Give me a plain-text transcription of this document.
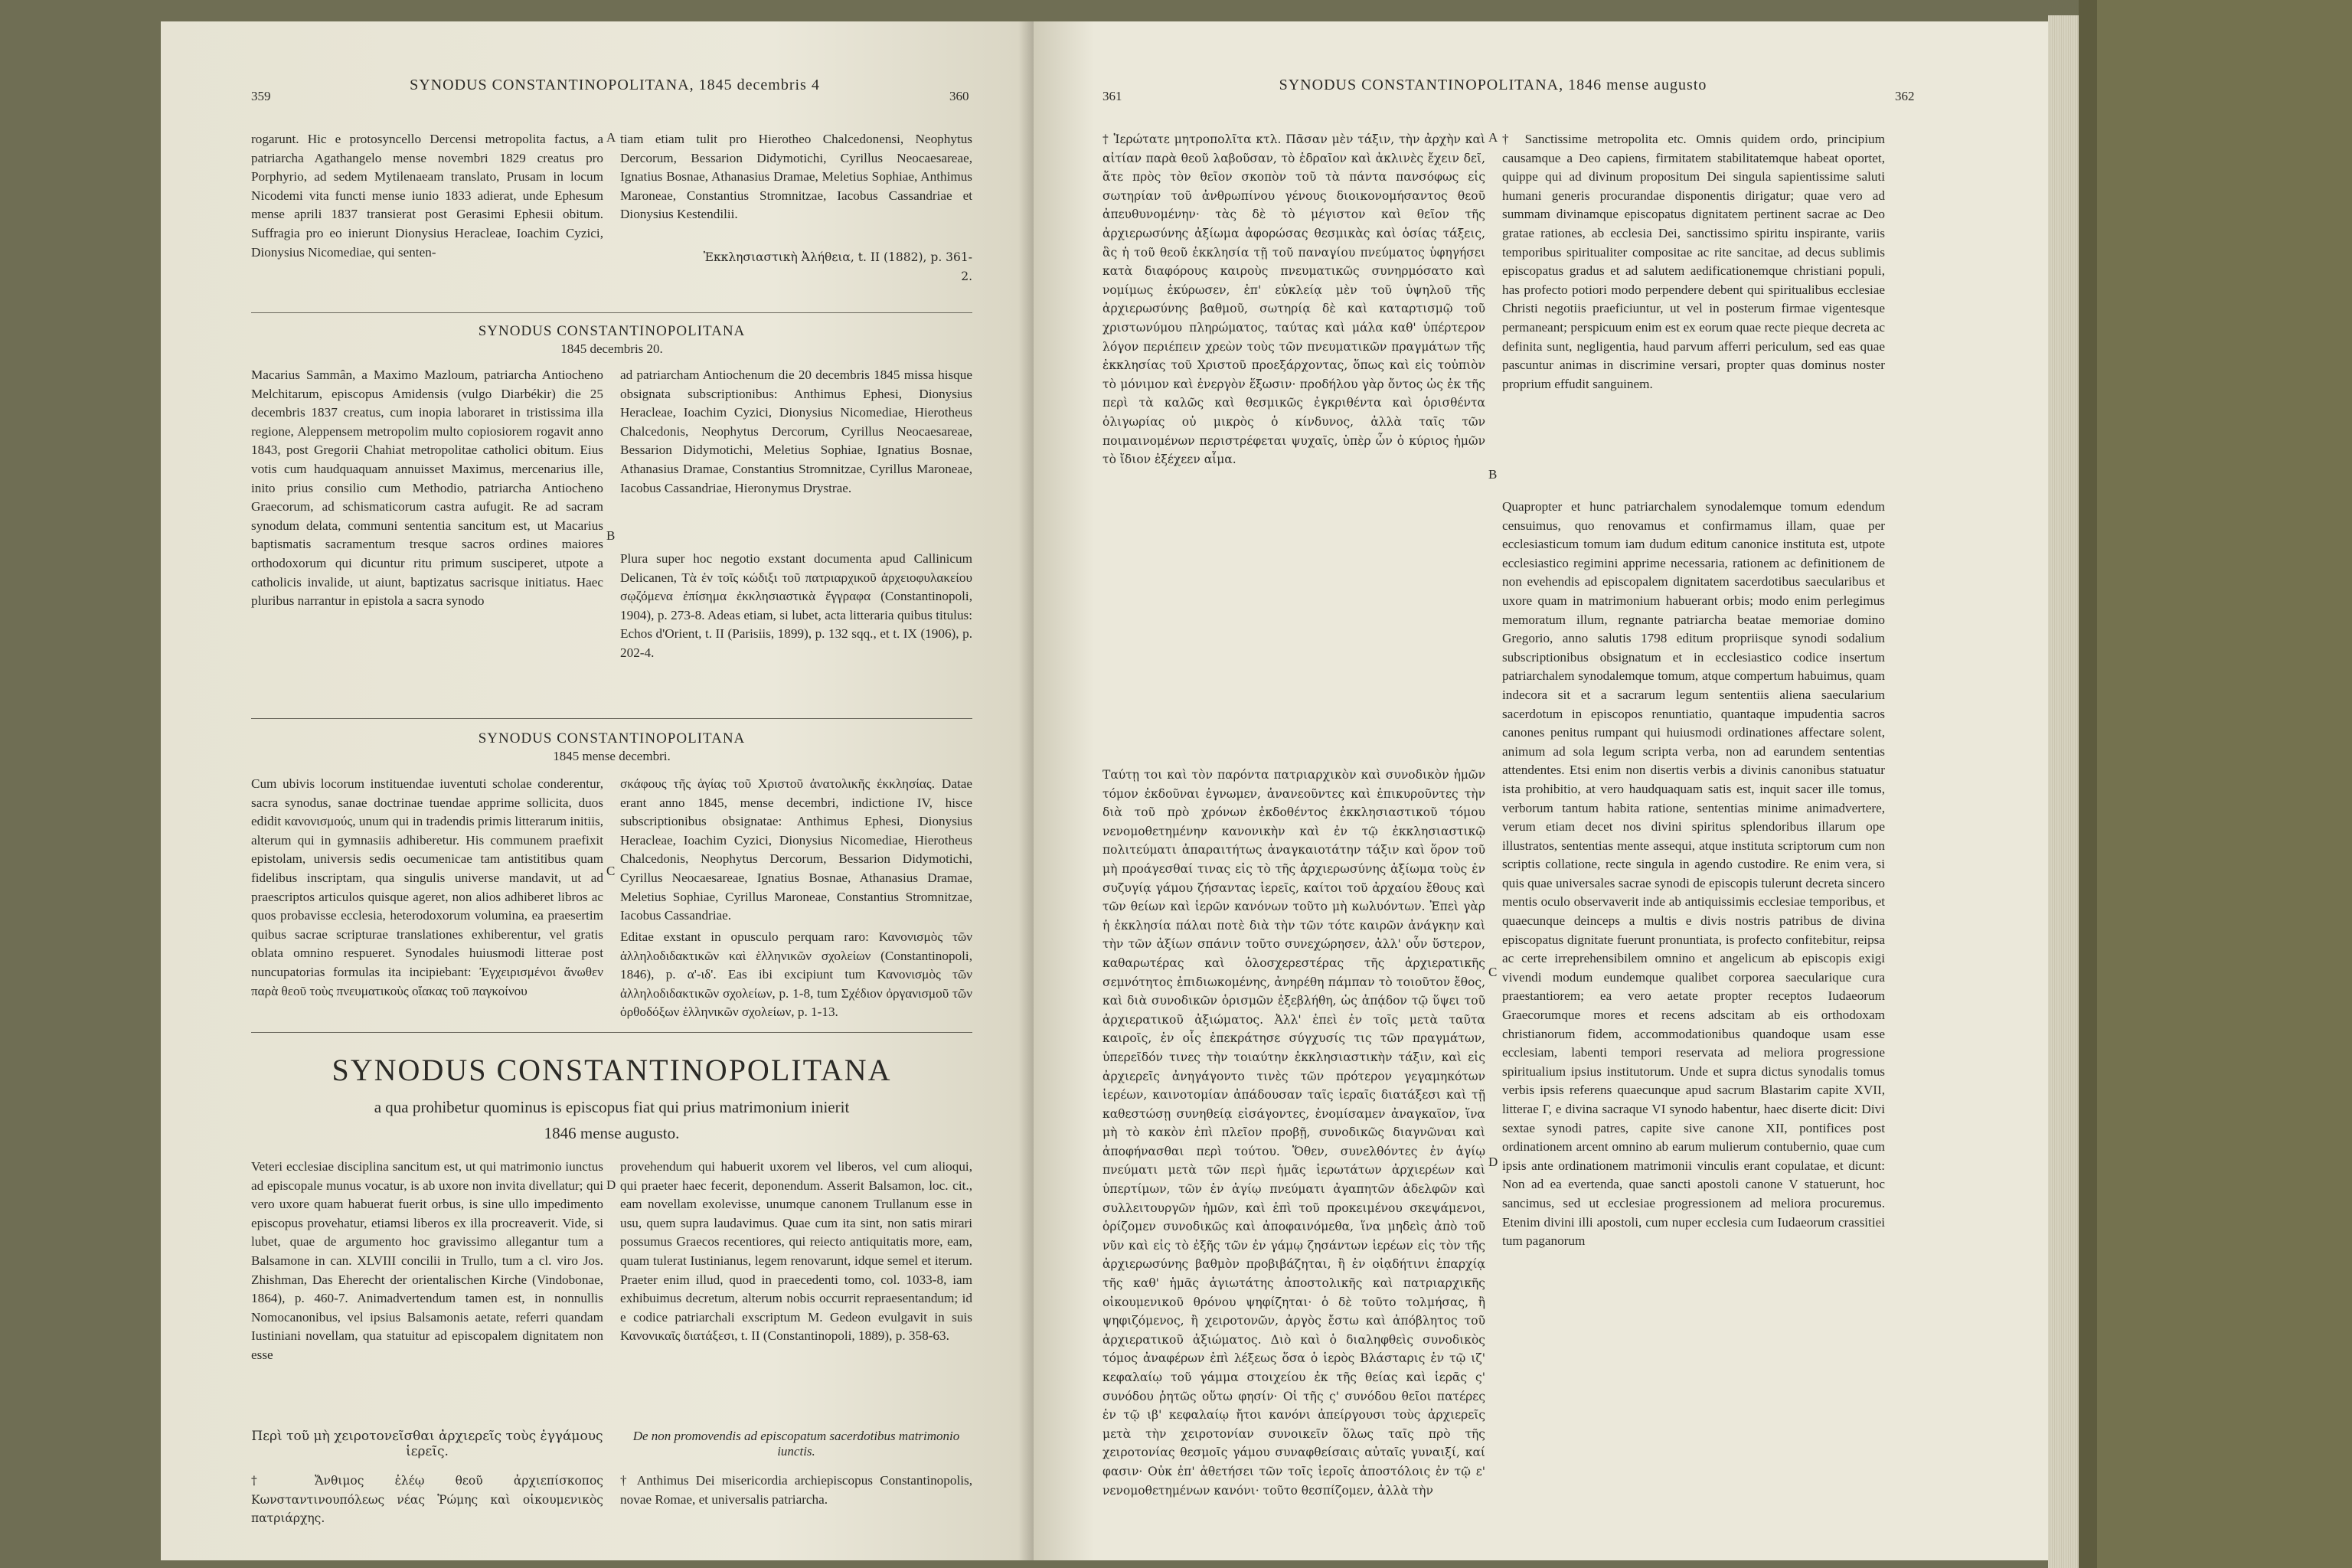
359
SYNODUS CONSTANTINOPOLITANA, 1845 decembris 4
360
rogarunt. Hic e protosyncello Dercensi metropolita factus, a patriarcha Agathangelo mense novembri 1829 creatus pro Porphyrio, ad sedem Mytilenaeam translato, Prusam in locum Nicodemi vita functi mense iunio 1833 adierat, unde Ephesum mense aprili 1837 transierat post Gerasimi Ephesii obitum. Suffragia pro eo inierunt Dionysius Heracleae, Ioachim Cyzici, Dionysius Nicomediae, qui senten-
A tiam etiam tulit pro Hierotheo Chalcedonensi, Neophytus Dercorum, Bessarion Didymotichi, Cyrillus Neocaesareae, Ignatius Bosnae, Athanasius Dramae, Meletius Sophiae, Anthimus Maroneae, Constantius Stromnitzae, Iacobus Cassandriae et Dionysius Kestendilii.
Ἐκκλησιαστικὴ Ἀλήθεια, t. II (1882), p. 361-2.
SYNODUS CONSTANTINOPOLITANA
1845 decembris 20.
Macarius Sammân, a Maximo Mazloum, patriarcha Antiocheno Melchitarum, episcopus Amidensis (vulgo Diarbékir) die 25 decembris 1837 creatus, cum inopia laboraret in tristissima illa regione, Aleppensem metropolim multo copiosiorem rogavit anno 1843, post Gregorii Chahiat metropolitae catholici obitum. Eius votis cum haudquaquam annuisset Maximus, mercenarius ille, inito prius consilio cum Methodio, patriarcha Antiocheno Graecorum, ad schismaticorum castra aufugit. Re ad sacram synodum delata, communi sententia sancitum est, ut Macarius baptismatis sacramentum tresque sacros ordines maiores orthodoxorum qui dicuntur ritu primum susciperet, utpote a catholicis invalide, ut aiunt, baptizatus sacrisque initiatus. Haec pluribus narrantur in epistola a sacra synodo
B
ad patriarcham Antiochenum die 20 decembris 1845 missa hisque obsignata subscriptionibus: Anthimus Ephesi, Dionysius Heracleae, Ioachim Cyzici, Dionysius Nicomediae, Hierotheus Chalcedonis, Neophytus Dercorum, Cyrillus Neocaesareae, Bessarion Didymotichi, Meletius Sophiae, Ignatius Bosnae, Athanasius Dramae, Constantius Stromnitzae, Cyrillus Maroneae, Iacobus Cassandriae, Hieronymus Drystrae.
Plura super hoc negotio exstant documenta apud Callinicum Delicanen, Τὰ ἐν τοῖς κώδιξι τοῦ πατριαρχικοῦ ἀρχειοφυλακείου σῳζόμενα ἐπίσημα ἐκκλησιαστικὰ ἔγγραφα (Constantinopoli, 1904), p. 273-8. Adeas etiam, si lubet, acta litteraria quibus titulus: Echos d'Orient, t. II (Parisiis, 1899), p. 132 sqq., et t. IX (1906), p. 202-4.
SYNODUS CONSTANTINOPOLITANA
1845 mense decembri.
Cum ubivis locorum instituendae iuventuti scholae conderentur, sacra synodus, sanae doctrinae tuendae apprime sollicita, duos edidit κανονισμούς, unum qui in tradendis primis litterarum initiis, alterum qui in gymnasiis adhiberetur. His communem praefixit epistolam, universis sedis oecumenicae tam antistitibus quam fidelibus inscriptam, qua singulis universe mandavit, ut ad praescriptos articulos quisque ageret, non alios adhiberet libros ac quos probavisse ecclesia, heterodoxorum volumina, ea praesertim quibus sacrae scripturae translationes exhiberentur, vel gratis oblata omnino respueret. Synodales huiusmodi litterae post nuncupatorias formulas ita incipiebant: Ἐγχειρισμένοι ἄνωθεν παρὰ θεοῦ τοὺς πνευματικοὺς οἴακας τοῦ παγκοίνου
C
σκάφους τῆς ἁγίας τοῦ Χριστοῦ ἀνατολικῆς ἐκκλησίας. Datae erant anno 1845, mense decembri, indictione IV, hisce subscriptionibus obsignatae: Anthimus Ephesi, Dionysius Heracleae, Ioachim Cyzici, Dionysius Nicomediae, Hierotheus Chalcedonis, Neophytus Dercorum, Bessarion Didymotichi, Cyrillus Neocaesareae, Ignatius Bosnae, Athanasius Dramae, Meletius Sophiae, Cyrillus Maroneae, Constantius Stromnitzae, Iacobus Cassandriae.
Editae exstant in opusculo perquam raro: Κανονισμὸς τῶν ἀλληλοδιδακτικῶν καὶ ἑλληνικῶν σχολείων (Constantinopoli, 1846), p. α'-ιδ'. Eas ibi excipiunt tum Κανονισμὸς τῶν ἀλληλοδιδακτικῶν σχολείων, p. 1-8, tum Σχέδιον ὀργανισμοῦ τῶν ὀρθοδόξων ἑλληνικῶν σχολείων, p. 1-13.
SYNODUS CONSTANTINOPOLITANA
a qua prohibetur quominus is episcopus fiat qui prius matrimonium inierit
1846 mense augusto.
Veteri ecclesiae disciplina sancitum est, ut qui matrimonio iunctus ad episcopale munus vocatur, is ab uxore non invita divellatur; qui vero uxore quam habuerat fuerit orbus, is sine ullo impedimento episcopus provehatur, etiamsi liberos ex illa procreaverit. Vide, si lubet, quae de argumento hoc gravissimo allegantur tum a Balsamone in can. XLVIII concilii in Trullo, tum a cl. viro Jos. Zhishman, Das Eherecht der orientalischen Kirche (Vindobonae, 1864), p. 460-7. Animadvertendum tamen est, in nonnullis Nomocanonibus, vel ipsius Balsamonis aetate, referri quandam Iustiniani novellam, qua statuitur ad episcopalem dignitatem non esse
D
provehendum qui habuerit uxorem vel liberos, vel cum alioqui, qui praeter haec fecerit, deponendum. Asserit Balsamon, loc. cit., eam novellam exolevisse, unumque canonem Trullanum esse in usu, quem supra laudavimus. Quae cum ita sint, non satis mirari possumus Graecos recentiores, qui reiecto antiquitatis more, eam, quam tulerat Iustinianus, legem renovarunt, idque semel et iterum. Praeter enim illud, quod in praecedenti tomo, col. 1033-8, iam exhibuimus decretum, alterum nobis occurrit repraesentandum; id e codice patriarchali exscriptum M. Gedeon evulgavit in suis Κανονικαῖς διατάξεσι, t. II (Constantinopoli, 1889), p. 358-63.
Περὶ τοῦ μὴ χειροτονεῖσθαι ἀρχιερεῖς τοὺς ἐγγάμους ἱερεῖς.
† Ἄνθιμος ἐλέῳ θεοῦ ἀρχιεπίσκοπος Κωνσταντινουπόλεως νέας Ῥώμης καὶ οἰκουμενικὸς πατριάρχης.
De non promovendis ad episcopatum sacerdotibus matrimonio iunctis.
† Anthimus Dei misericordia archiepiscopus Constantinopolis, novae Romae, et universalis patriarcha.
361
SYNODUS CONSTANTINOPOLITANA, 1846 mense augusto
362
† Ἱερώτατε μητροπολῖτα κτλ. Πᾶσαν μὲν τάξιν, τὴν ἀρχὴν καὶ αἰτίαν παρὰ θεοῦ λαβοῦσαν, τὸ ἑδραῖον καὶ ἀκλινὲς ἔχειν δεῖ, ἅτε πρὸς τὸν θεῖον σκοπὸν τοῦ τὰ πάντα πανσόφως εἰς σωτηρίαν τοῦ ἀνθρωπίνου γένους διοικονομήσαντος θεοῦ ἀπευθυνομένην· τὰς δὲ τὸ μέγιστον καὶ θεῖον τῆς ἀρχιερωσύνης ἀξίωμα ἀφορώσας θεσμικὰς καὶ ὁσίας τάξεις, ἃς ἡ τοῦ θεοῦ ἐκκλησία τῇ τοῦ παναγίου πνεύματος ὑφηγήσει κατὰ διαφόρους καιροὺς πνευματικῶς συνηρμόσατο καὶ νομίμως ἐκύρωσεν, ἐπ' εὐκλείᾳ μὲν τοῦ ὑψηλοῦ τῆς ἀρχιερωσύνης βαθμοῦ, σωτηρίᾳ δὲ καὶ καταρτισμῷ τοῦ χριστωνύμου πληρώματος, ταύτας καὶ μάλα καθ' ὑπέρτερον λόγον περιέπειν χρεὼν τοὺς τῶν πνευματικῶν πραγμάτων τῆς ἐκκλησίας τοῦ Χριστοῦ προεξάρχοντας, ὅπως καὶ εἰς τοὐπιὸν τὸ μόνιμον καὶ ἐνεργὸν ἕξωσιν· προδήλου γὰρ ὄντος ὡς ἐκ τῆς περὶ τὰ καλῶς καὶ θεσμικῶς ἐγκριθέντα καὶ ὁρισθέντα ὀλιγωρίας οὐ μικρὸς ὁ κίνδυνος, ἀλλὰ ταῖς τῶν ποιμαινομένων περιστρέφεται ψυχαῖς, ὑπὲρ ὧν ὁ κύριος ἡμῶν τὸ ἴδιον ἐξέχεεν αἷμα.
Ταύτῃ τοι καὶ τὸν παρόντα πατριαρχικὸν καὶ συνοδικὸν ἡμῶν τόμον ἐκδοῦναι ἐγνωμεν, ἀνανεοῦντες καὶ ἐπικυροῦντες τὴν διὰ τοῦ πρὸ χρόνων ἐκδοθέντος ἐκκλησιαστικοῦ τόμου νενομοθετημένην κανονικὴν καὶ ἐν τῷ ἐκκλησιαστικῷ πολιτεύματι ἀπαραιτήτως ἀναγκαιοτάτην τάξιν καὶ ὅρον τοῦ μὴ προάγεσθαί τινας εἰς τὸ τῆς ἀρχιερωσύνης ἀξίωμα τοὺς ἐν συζυγίᾳ γάμου ζήσαντας ἱερεῖς, καίτοι τοῦ ἀρχαίου ἔθους καὶ τῶν θείων καὶ ἱερῶν κανόνων τοῦτο μὴ κωλυόντων. Ἐπεὶ γὰρ ἡ ἐκκλησία πάλαι ποτὲ διὰ τὴν τῶν τότε καιρῶν ἀνάγκην καὶ τὴν τῶν ἀξίων σπάνιν τοῦτο συνεχώρησεν, ἀλλ' οὖν ὕστερον, καθαρωτέρας καὶ ὁλοσχερεστέρας τῆς ἀρχιερατικῆς σεμνότητος ἐπιδιωκομένης, ἀνηρέθη πάμπαν τὸ τοιοῦτον ἔθος, καὶ διὰ συνοδικῶν ὁρισμῶν ἐξεβλήθη, ὡς ἀπᾴδον τῷ ὕψει τοῦ ἀρχιερατικοῦ ἀξιώματος. Ἀλλ' ἐπεὶ ἐν τοῖς μετὰ ταῦτα καιροῖς, ἐν οἷς ἐπεκράτησε σύγχυσίς τις τῶν πραγμάτων, ὑπερεῖδόν τινες τὴν τοιαύτην ἐκκλησιαστικὴν τάξιν, καὶ εἰς ἀρχιερεῖς ἀνηγάγοντο τινὲς τῶν πρότερον γεγαμηκότων ἱερέων, καινοτομίαν ἀπάδουσαν ταῖς ἱεραῖς διατάξεσι καὶ τῇ καθεστώσῃ συνηθείᾳ εἰσάγοντες, ἐνομίσαμεν ἀναγκαῖον, ἵνα μὴ τὸ κακὸν ἐπὶ πλεῖον προβῇ, συνοδικῶς διαγνῶναι καὶ ἀποφήνασθαι περὶ τούτου. Ὅθεν, συνελθόντες ἐν ἁγίῳ πνεύματι μετὰ τῶν περὶ ἡμᾶς ἱερωτάτων ἀρχιερέων καὶ ὑπερτίμων, τῶν ἐν ἁγίῳ πνεύματι ἀγαπητῶν ἀδελφῶν καὶ συλλειτουργῶν ἡμῶν, καὶ ἐπὶ τοῦ προκειμένου σκεψάμενοι, ὁρίζομεν συνοδικῶς καὶ ἀποφαινόμεθα, ἵνα μηδεὶς ἀπὸ τοῦ νῦν καὶ εἰς τὸ ἑξῆς τῶν ἐν γάμῳ ζησάντων ἱερέων εἰς τὸν τῆς ἀρχιερωσύνης βαθμὸν προβιβάζηται, ἢ ἐν οἱᾳδήτινι ἐπαρχίᾳ τῆς καθ' ἡμᾶς ἁγιωτάτης ἀποστολικῆς καὶ πατριαρχικῆς οἰκουμενικοῦ θρόνου ψηφίζηται· ὁ δὲ τοῦτο τολμήσας, ἢ ψηφιζόμενος, ἢ χειροτονῶν, ἀργὸς ἔστω καὶ ἀπόβλητος τοῦ ἀρχιερατικοῦ ἀξιώματος. Διὸ καὶ ὁ διαληφθεὶς συνοδικὸς τόμος ἀναφέρων ἐπὶ λέξεως ὅσα ὁ ἱερὸς Βλάσταρις ἐν τῷ ιζ' κεφαλαίῳ τοῦ γάμμα στοιχείου ἐκ τῆς θείας καὶ ἱερᾶς ς' συνόδου ῥητῶς οὕτω φησίν· Οἱ τῆς ς' συνόδου θεῖοι πατέρες ἐν τῷ ιβ' κεφαλαίῳ ἤτοι κανόνι ἀπείργουσι τοὺς ἀρχιερεῖς μετὰ τὴν χειροτονίαν συνοικεῖν ὅλως ταῖς πρὸ τῆς χειροτονίας θεσμοῖς γάμου συναφθείσαις αὐταῖς γυναιξί, καί φασιν· Οὐκ ἐπ' ἀθετήσει τῶν τοῖς ἱεροῖς ἀποστόλοις ἐν τῷ ε' νενομοθετημένων κανόνι· τοῦτο θεσπίζομεν, ἀλλὰ τὴν
A
B
C
D
† Sanctissime metropolita etc. Omnis quidem ordo, principium causamque a Deo capiens, firmitatem stabilitatemque habeat oportet, quippe qui ad divinum propositum Dei singula sapientissime saluti humani generis procurandae disponentis dirigatur; quae vero ad summam divinamque episcopatus dignitatem pertinent sacrae ac Deo gratae rationes, ab ecclesia Dei, sanctissimo spiritu inspirante, variis temporibus spiritualiter compositae ac rite sancitae, ad decus sublimis episcopatus gradus et ad salutem aedificationemque christiani populi, has profecto potiori modo perpendere debent qui spiritualibus ecclesiae Christi negotiis praeficiuntur, ut vel in posterum firmae vigentesque permaneant; perspicuum enim est ex eorum quae recte pieque decreta ac definita sunt, negligentia, haud parvum afferri periculum, sed eas quae pascuntur animas in discrimine versari, propter quas dominus noster proprium effudit sanguinem.
Quapropter et hunc patriarchalem synodalemque tomum edendum censuimus, quo renovamus et confirmamus illam, quae per ecclesiasticum tomum iam dudum editum canonice instituta est, utpote ecclesiastico regimini apprime necessaria, rationem ac definitionem de non evehendis ad episcopalem dignitatem sacerdotibus saecularibus et uxore quam in matrimonium habuerant orbis; modo enim perlegimus memoratum illum, regnante patriarcha beatae memoriae domino Gregorio, anno salutis 1798 editum propriisque synodi sodalium subscriptionibus obsignatum et in ecclesiastico codice insertum patriarchalem synodalemque tomum, atque compertum habuimus, quam indecora sit et a sacrarum legum sententiis aliena saecularium sacerdotum in episcopos renuntiatio, quantaque impudentia sacros canones penitus rumpant qui huiusmodi ordinationes affectare solent, animum ad sola legum scripta verba, non ad earundem sententias attendentes. Etsi enim non disertis verbis a divinis canonibus statuatur ista prohibitio, at vero haudquaquam satis est, inquit sacer ille tomus, verborum tantum habita ratione, sententias minime animadvertere, verum etiam decet nos divini spiritus splendoribus illarum ope illustratos, sententias mente assequi, atque instituta scriptorum cum non scriptis collatione, recte singula in agendo custodire. Re enim vera, si quis quae universales sacrae synodi de episcopis tulerunt decreta sincero mentis oculo observaverit inde ab antiquissimis ecclesiae temporibus, et quaecunque deinceps a multis e divis nostris patribus de divina episcopatus dignitate fuerunt pronuntiata, is profecto confitebitur, reipsa ac certe irreprehensibilem omnino et angelicum ab episcopis exigi vivendi modum eundemque qualibet corporea saecularique cura praestantiorem; ea vero aetate propter receptos Iudaeorum Graecorumque mores et recens adscitam ab eis orthodoxam christianorum fidem, accommodationibus quandoque usam esse ecclesiam, labenti tempori reservata ad meliora progressione spiritualium ipsius institutorum. Unde et supra dictus synodalis tomus verbis ipsis referens quaecunque apud sacrum Blastarim capite XVII, litterae Γ, e divina sacraque VI synodo habentur, haec diserte dicit: Divi sextae synodi patres, capite sive canone XII, pontifices post ordinationem arcent omnino ab earum mulierum contubernio, quae cum ipsis ante ordinationem matrimonii vinculis erant copulatae, et dicunt: Non ad ea evertenda, quae sancti apostoli canone V statuerunt, hoc sancimus, sed ut ecclesiae progressionem ad meliora procuremus. Etenim divini illi apostoli, cum nuper ecclesia cum Iudaeorum crassitiei tum paganorum
